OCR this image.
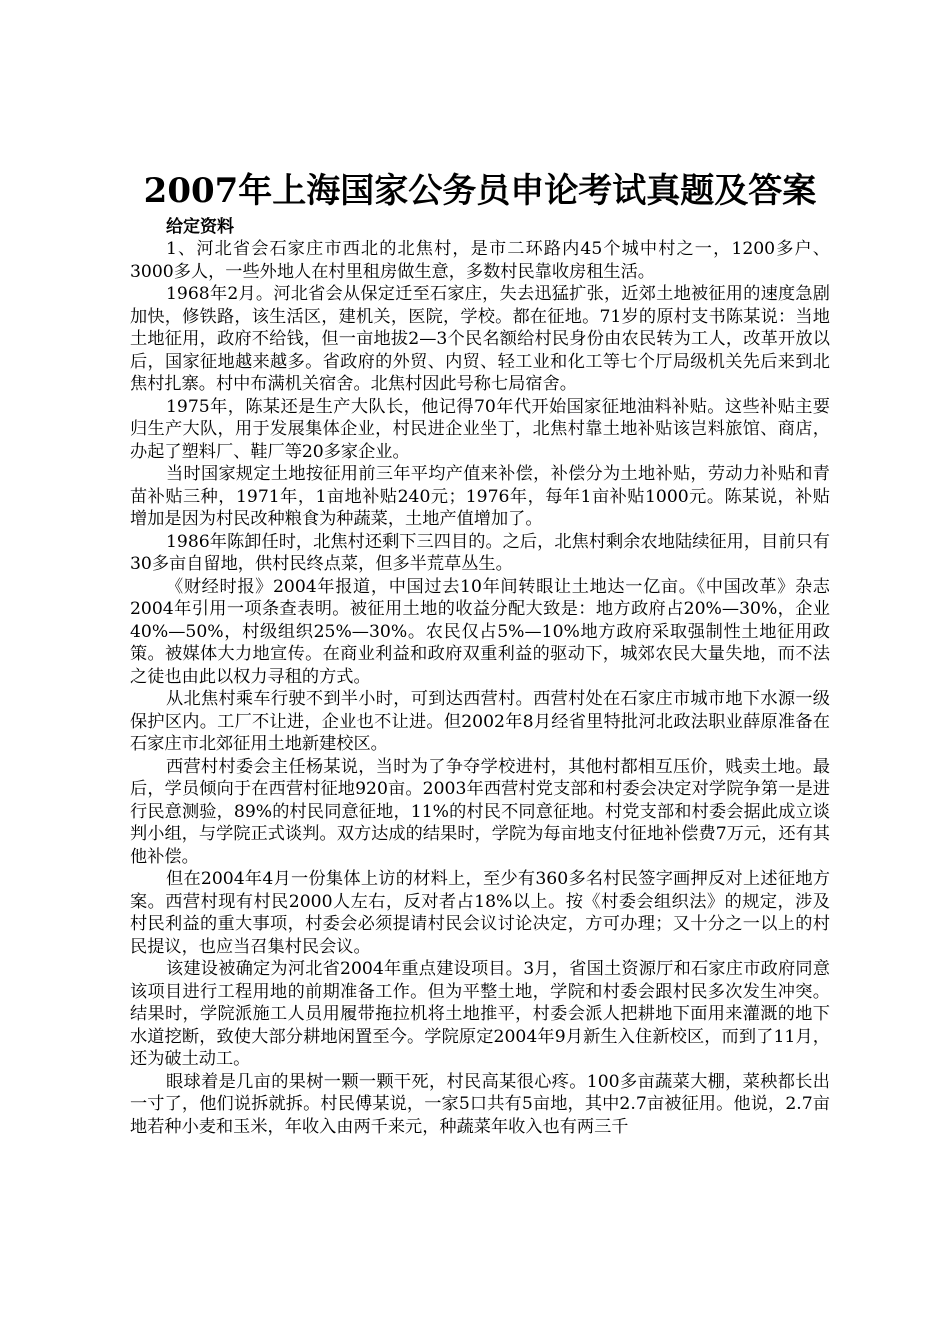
2007年上海国家公务员申论考试真题及答案
给定资料

1、河北省会石家庄市西北的北焦村，是市二环路内45个城中村之一，1200多户、3000多人，一些外地人在村里租房做生意，多数村民靠收房租生活。

1968年2月。河北省会从保定迁至石家庄，失去迅猛扩张，近郊土地被征用的速度急剧加快，修铁路，该生活区，建机关，医院，学校。都在征地。71岁的原村支书陈某说：当地土地征用，政府不给钱，但一亩地拔2—3个民名额给村民身份由农民转为工人，改革开放以后，国家征地越来越多。省政府的外贸、内贸、轻工业和化工等七个厅局级机关先后来到北焦村扎寨。村中布满机关宿舍。北焦村因此号称七局宿舍。

1975年，陈某还是生产大队长，他记得70年代开始国家征地油料补贴。这些补贴主要归生产大队，用于发展集体企业，村民进企业坐丁，北焦村靠土地补贴该岂料旅馆、商店，办起了塑料厂、鞋厂等20多家企业。

当时国家规定土地按征用前三年平均产值来补偿，补偿分为土地补贴，劳动力补贴和青苗补贴三种，1971年，1亩地补贴240元；1976年，每年1亩补贴1000元。陈某说，补贴增加是因为村民改种粮食为种蔬菜，土地产值增加了。

1986年陈卸任时，北焦村还剩下三四目的。之后，北焦村剩余农地陆续征用，目前只有30多亩自留地，供村民终点菜，但多半荒草丛生。

《财经时报》2004年报道，中国过去10年间转眼让土地达一亿亩。《中国改革》杂志2004年引用一项条查表明。被征用土地的收益分配大致是：地方政府占20%—30%，企业40%—50%，村级组织25%—30%。农民仅占5%—10%地方政府采取强制性土地征用政策。被媒体大力地宣传。在商业利益和政府双重利益的驱动下，城郊农民大量失地，而不法之徒也由此以权力寻租的方式。

从北焦村乘车行驶不到半小时，可到达西营村。西营村处在石家庄市城市地下水源一级保护区内。工厂不让进，企业也不让进。但2002年8月经省里特批河北政法职业薛原准备在石家庄市北郊征用土地新建校区。

西营村村委会主任杨某说，当时为了争夺学校进村，其他村都相互压价，贱卖土地。最后，学员倾向于在西营村征地920亩。2003年西营村党支部和村委会决定对学院争第一是进行民意测验，89%的村民同意征地，11%的村民不同意征地。村党支部和村委会据此成立谈判小组，与学院正式谈判。双方达成的结果时，学院为每亩地支付征地补偿费7万元，还有其他补偿。

但在2004年4月一份集体上访的材料上，至少有360多名村民签字画押反对上述征地方案。西营村现有村民2000人左右，反对者占18%以上。按《村委会组织法》的规定，涉及村民利益的重大事项，村委会必须提请村民会议讨论决定，方可办理；又十分之一以上的村民提议，也应当召集村民会议。

该建设被确定为河北省2004年重点建设项目。3月，省国土资源厅和石家庄市政府同意该项目进行工程用地的前期准备工作。但为平整土地，学院和村委会跟村民多次发生冲突。结果时，学院派施工人员用履带拖拉机将土地推平，村委会派人把耕地下面用来灌溉的地下水道挖断，致使大部分耕地闲置至今。学院原定2004年9月新生入住新校区，而到了11月，还为破土动工。

眼球着是几亩的果树一颗一颗干死，村民高某很心疼。100多亩蔬菜大棚，菜秧都长出一寸了，他们说拆就拆。村民傅某说，一家5口共有5亩地，其中2.7亩被征用。他说，2.7亩地若种小麦和玉米，年收入由两千来元，种蔬菜年收入也有两三千
